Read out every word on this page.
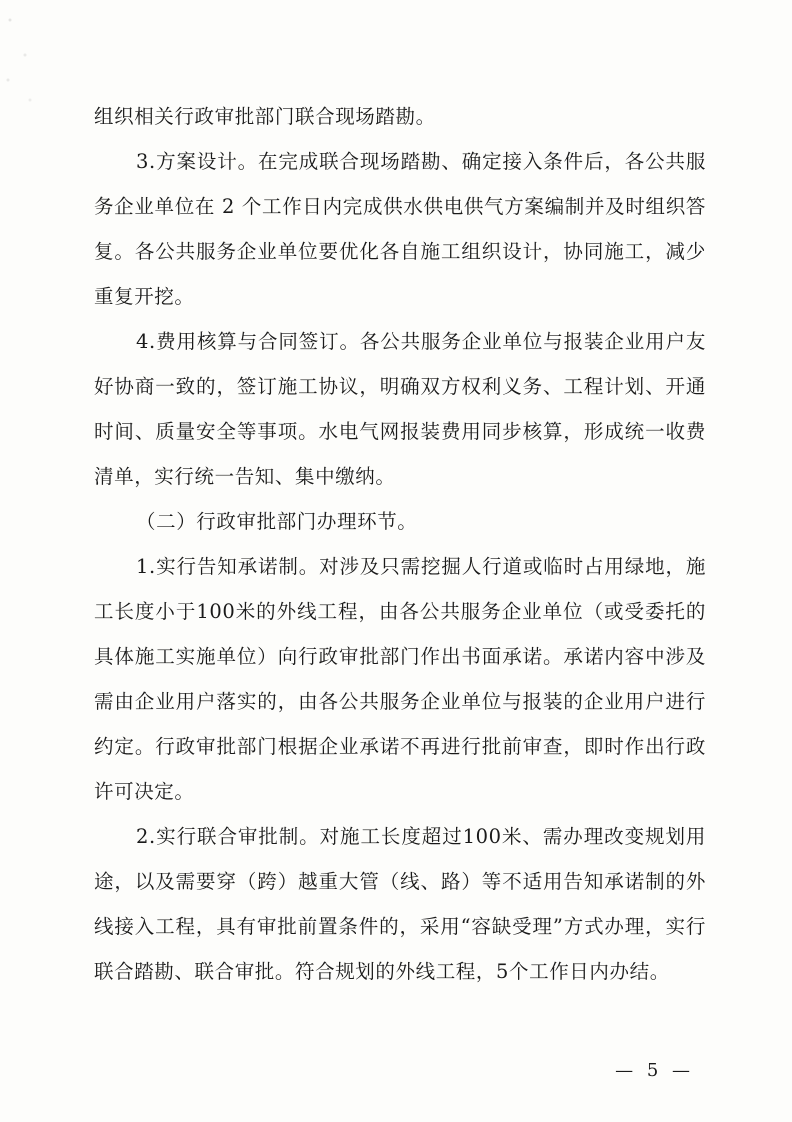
组织相关行政审批部门联合现场踏勘。

3.方案设计。在完成联合现场踏勘、确定接入条件后，各公共服务企业单位在 2 个工作日内完成供水供电供气方案编制并及时组织答复。各公共服务企业单位要优化各自施工组织设计，协同施工，减少重复开挖。

4.费用核算与合同签订。各公共服务企业单位与报装企业用户友好协商一致的，签订施工协议，明确双方权利义务、工程计划、开通时间、质量安全等事项。水电气网报装费用同步核算，形成统一收费清单，实行统一告知、集中缴纳。

（二）行政审批部门办理环节。

1.实行告知承诺制。对涉及只需挖掘人行道或临时占用绿地，施工长度小于100米的外线工程，由各公共服务企业单位（或受委托的具体施工实施单位）向行政审批部门作出书面承诺。承诺内容中涉及需由企业用户落实的，由各公共服务企业单位与报装的企业用户进行约定。行政审批部门根据企业承诺不再进行批前审查，即时作出行政许可决定。

2.实行联合审批制。对施工长度超过100米、需办理改变规划用途，以及需要穿（跨）越重大管（线、路）等不适用告知承诺制的外线接入工程，具有审批前置条件的，采用“容缺受理”方式办理，实行联合踏勘、联合审批。符合规划的外线工程，5个工作日内办结。

— 5 —
